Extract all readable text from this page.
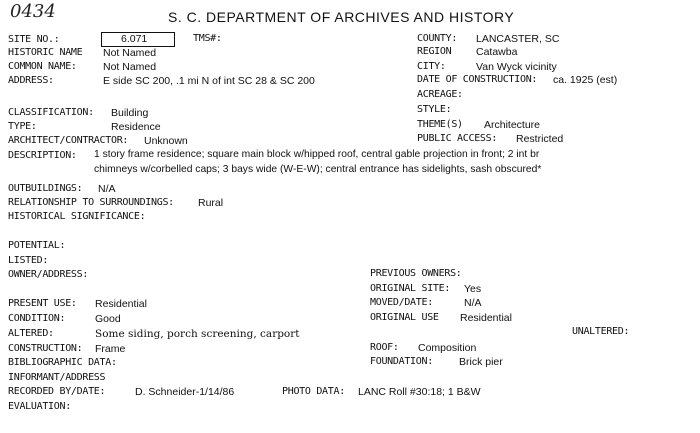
0434	S. C. DEPARTMENT OF ARCHIVES AND HISTORY
SITE NO.:	6.071	TMS#:
HISTORIC NAME Not Named
COMMON NAME:	Not Named
ADDRESS:	E side SC 200, .1 mi N of int SC 28 & SC 200
COUNTY: LANCASTER, SC
REGION Catawba
CITY:	Van Wyck vicinity
DATE OF CONSTRUCTION: ca. 1925 (est)
ACREAGE:
STYLE:
THEME(S) Architecture
PUBLIC ACCESS: Restricted
CLASSIFICATION: Building
TYPE:	Residence
ARCHITECT/CONTRACTOR: Unknown
DESCRIPTION: 1 story frame residence; square main block w/hipped roof, central gable projection in front; 2 int br
chimneys w/corbelled caps; 3 bays wide (W-E-W); central entrance has sidelights, sash obscured*
OUTBUILDINGS: N/A
RELATIONSHIP TO SURROUNDINGS: Rural
HISTORICAL SIGNIFICANCE:
POTENTIAL:
LISTED:
OWNER/ADDRESS:	PREVIOUS OWNERS:
ORIGINAL SITE: Yes
MOVED/DATE:	N/A
ORIGINAL USE Residential
UNALTERED:
ROOF: Composition
FOUNDATION: Brick pier
PRESENT USE: Residential
CONDITION:	Good
ALTERED:	Some siding, porch screening, carport
CONSTRUCTION: Frame
BIBLIOGRAPHIC DATA:
INFORMANT/ADDRESS
RECORDED BY/DATE:	D. Schneider-1/14/86	PHOTO DATA: LANC Roll #30:18; 1 B&W
EVALUATION:
